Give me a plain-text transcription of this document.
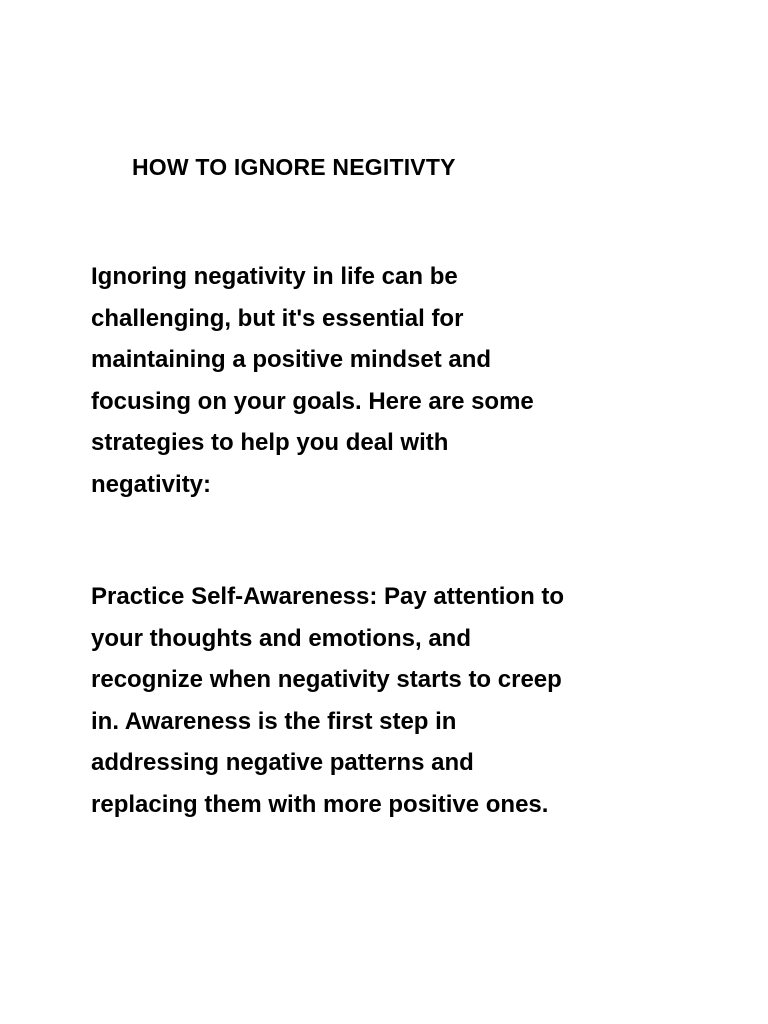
HOW TO IGNORE NEGITIVTY

Ignoring negativity in life can be
challenging, but it's essential for
maintaining a positive mindset and
focusing on your goals. Here are some
strategies to help you deal with
negativity:

Practice Self-Awareness: Pay attention to
your thoughts and emotions, and
recognize when negativity starts to creep
in. Awareness is the first step in
addressing negative patterns and
replacing them with more positive ones.
